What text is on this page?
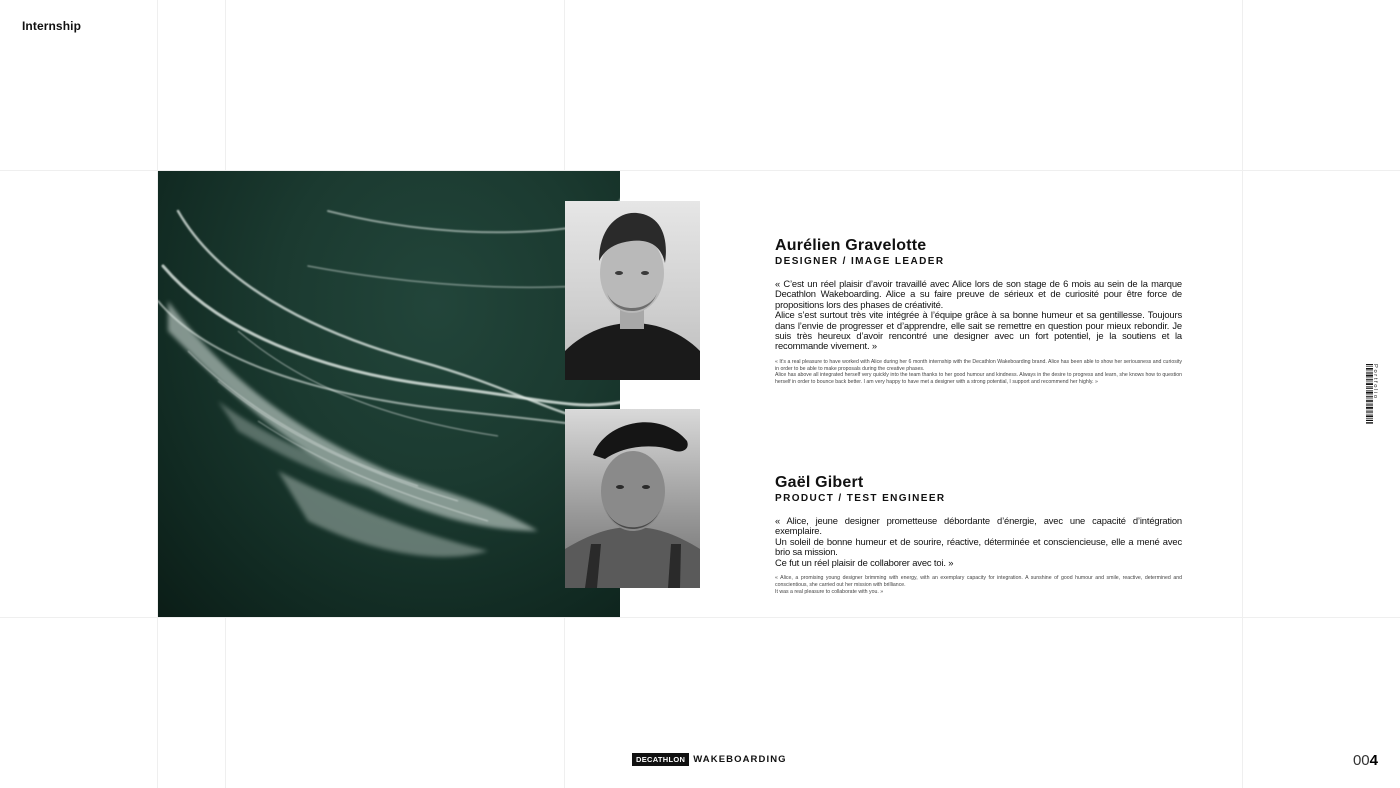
Internship
Aurélien Gravelotte
DESIGNER / IMAGE LEADER
« C’est un réel plaisir d’avoir travaillé avec Alice lors de son stage de 6 mois au sein de la marque Decathlon Wakeboarding. Alice a su faire preuve de sérieux et de curiosité pour être force de propositions lors des phases de créativité.
Alice s’est surtout très vite intégrée à l’équipe grâce à sa bonne humeur et sa gentillesse. Toujours dans l’envie de progresser et d’apprendre, elle sait se remettre en question pour mieux rebondir. Je suis très heureux d’avoir rencontré une designer avec un fort potentiel, je la soutiens et la recommande vivement. »
« It’s a real pleasure to have worked with Alice during her 6 month internship with the Decathlon Wakeboarding brand. Alice has been able to show her seriousness and curiosity in order to be able to make proposals during the creative phases.
Alice has above all integrated herself very quickly into the team thanks to her good humour and kindness. Always in the desire to progress and learn, she knows how to question herself in order to bounce back better. I am very happy to have met a designer with a strong potential, I support and recommend her highly. »
Gaël Gibert
PRODUCT / TEST ENGINEER
« Alice, jeune designer prometteuse débordante d’énergie, avec une capacité d’intégration exemplaire.
Un soleil de bonne humeur et de sourire, réactive, déterminée et consciencieuse, elle a mené avec brio sa mission.
Ce fut un réel plaisir de collaborer avec toi. »
« Alice, a promising young designer brimming with energy, with an exemplary capacity for integration. A sunshine of good humour and smile, reactive, determined and conscientious, she carried out her mission with brilliance.
It was a real pleasure to collaborate with you. »
Portfolio
DECATHLON WAKEBOARDING	004
